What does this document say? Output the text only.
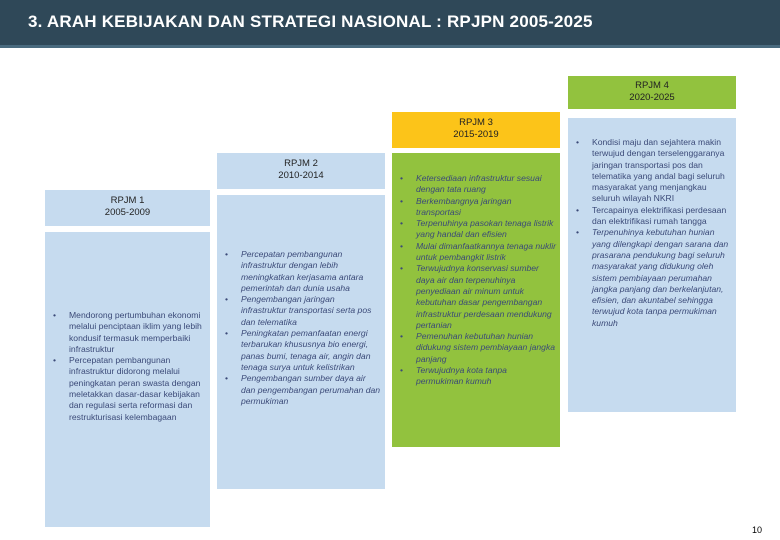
3. ARAH KEBIJAKAN DAN STRATEGI NASIONAL : RPJPN 2005-2025
RPJM 1
2005-2009
• Mendorong pertumbuhan ekonomi melalui penciptaan iklim yang lebih kondusif termasuk memperbaiki infrastruktur
• Percepatan pembangunan infrastruktur didorong melalui peningkatan peran swasta dengan meletakkan dasar-dasar kebijakan dan regulasi serta reformasi dan restrukturisasi kelembagaan
RPJM 2
2010-2014
• Percepatan pembangunan infrastruktur dengan lebih meningkatkan kerjasama antara pemerintah dan dunia usaha
• Pengembangan jaringan infrastruktur transportasi serta pos dan telematika
• Peningkatan pemanfaatan energi terbarukan khususnya bio energi, panas bumi, tenaga air, angin dan tenaga surya untuk kelistrikan
• Pengembangan sumber daya air dan pengembangan perumahan dan permukiman
RPJM 3
2015-2019
• Ketersediaan infrastruktur sesuai dengan tata ruang
• Berkembangnya jaringan transportasi
• Terpenuhinya pasokan tenaga listrik yang handal dan efisien
• Mulai dimanfaatkannya tenaga nuklir untuk pembangkit listrik
• Terwujudnya konservasi sumber daya air dan terpenuhinya penyediaan air minum untuk kebutuhan dasar pengembangan infrastruktur perdesaan mendukung pertanian
• Pemenuhan kebutuhan hunian didukung sistem pembiayaan jangka panjang
• Terwujudnya kota tanpa permukiman kumuh
RPJM 4
2020-2025
• Kondisi maju dan sejahtera makin terwujud dengan terselenggaranya jaringan transportasi pos dan telematika yang andal bagi seluruh masyarakat yang menjangkau seluruh wilayah NKRI
• Tercapainya elektrifikasi perdesaan dan elektrifikasi rumah tangga
• Terpenuhinya kebutuhan hunian yang dilengkapi dengan sarana dan prasarana pendukung bagi seluruh masyarakat yang didukung oleh sistem pembiayaan perumahan jangka panjang dan berkelanjutan, efisien, dan akuntabel sehingga terwujud kota tanpa permukiman kumuh
10
